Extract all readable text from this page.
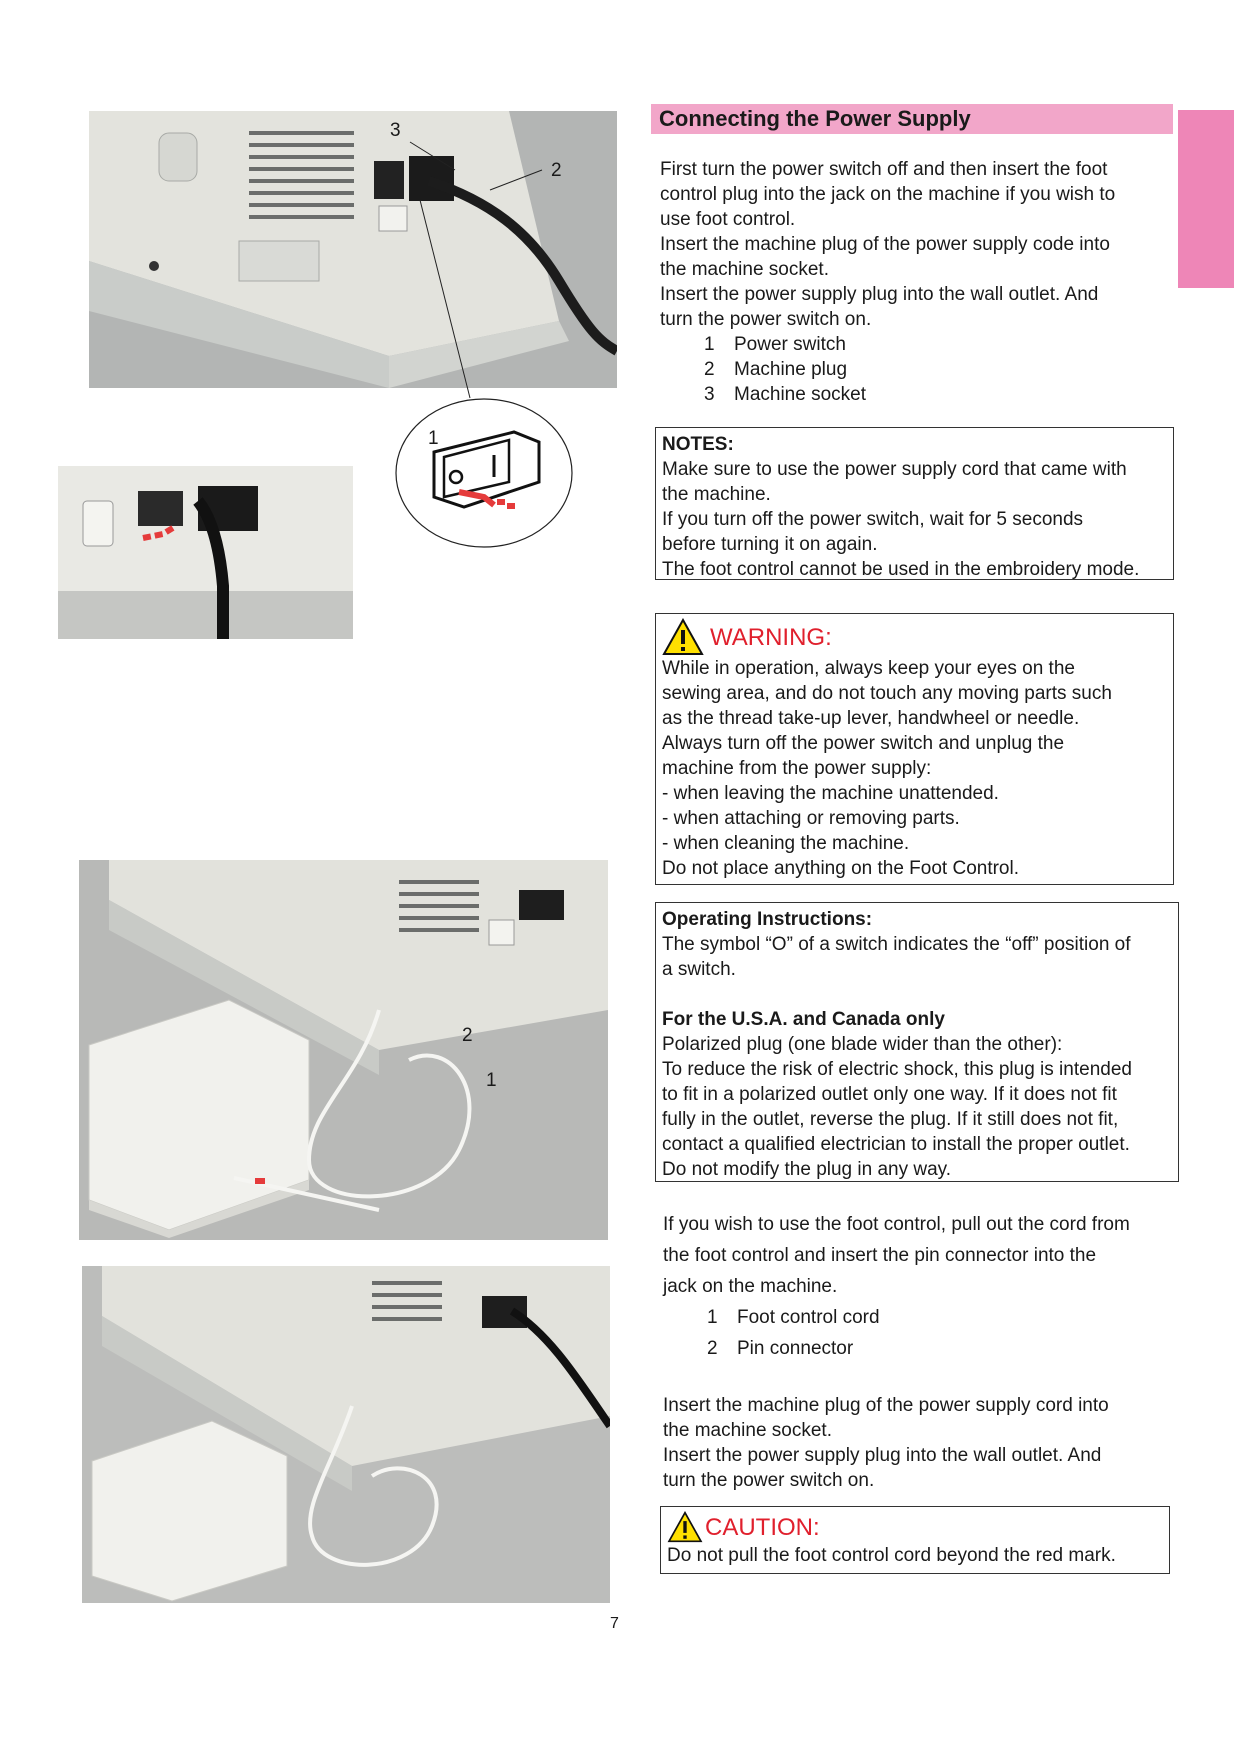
3
2
1
2
1
Connecting the Power Supply

First turn the power switch off and then insert the foot

control plug into the jack on the machine if you wish to

use foot control.

Insert the machine plug of the power supply code into

the machine socket.

Insert the power supply plug into the wall outlet. And

turn the power switch on.

1	Power switch
2	Machine plug
3	Machine socket

NOTES:

Make sure to use the power supply cord that came with

the machine.

If you turn off the power switch, wait for 5 seconds

before turning it on again.

The foot control cannot be used in the embroidery mode.

WARNING:

While in operation, always keep your eyes on the

sewing area, and do not touch any moving parts such

as the thread take-up lever, handwheel or needle.

Always turn off the power switch and unplug the

machine from the power supply:

- when leaving the machine unattended.

- when attaching or removing parts.

- when cleaning the machine.

Do not place anything on the Foot Control.

Operating Instructions:

The symbol “O” of a switch indicates the “off” position of

a switch.

For the U.S.A. and Canada only

Polarized plug (one blade wider than the other):

To reduce the risk of electric shock, this plug is intended

to fit in a polarized outlet only one way. If it does not fit

fully in the outlet, reverse the plug. If it still does not fit,

contact a qualified electrician to install the proper outlet.

Do not modify the plug in any way.

If you wish to use the foot control, pull out the cord from

the foot control and insert the pin connector into the

jack on the machine.

1	Foot control cord
2	Pin connector

Insert the machine plug of the power supply cord into

the machine socket.

Insert the power supply plug into the wall outlet. And

turn the power switch on.

CAUTION:

Do not pull the foot control cord beyond the red mark.

7
